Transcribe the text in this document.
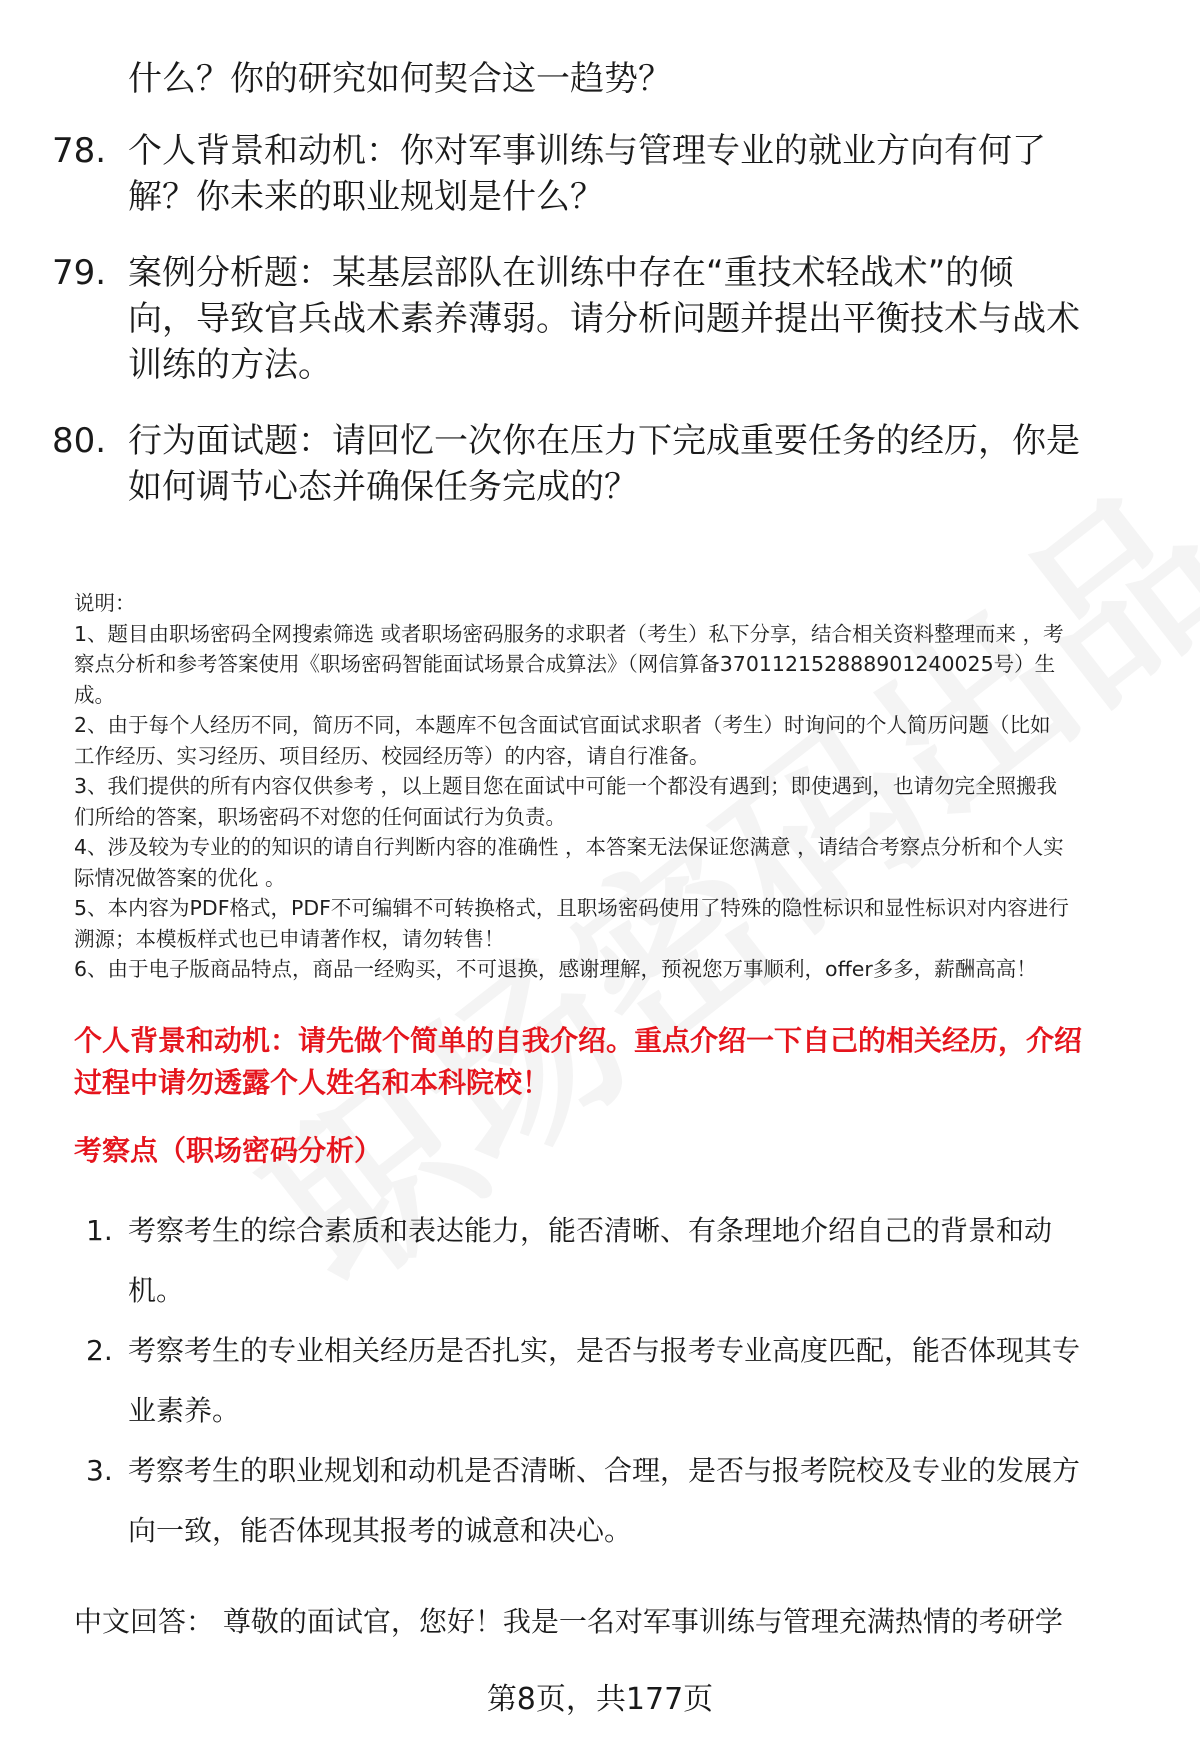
什么？你的研究如何契合这一趋势？
78. 个人背景和动机：你对军事训练与管理专业的就业方向有何了
解？你未来的职业规划是什么？
79. 案例分析题：某基层部队在训练中存在“重技术轻战术”的倾
向，导致官兵战术素养薄弱。请分析问题并提出平衡技术与战术
训练的方法。
80. 行为面试题：请回忆一次你在压力下完成重要任务的经历，你是
如何调节心态并确保任务完成的？
说明：
1、题目由职场密码全网搜索筛选 或者职场密码服务的求职者（考生）私下分享，结合相关资料整理而来 ，考
察点分析和参考答案使用《职场密码智能面试场景合成算法》（网信算备370112152888901240025号）生
成。
2、由于每个人经历不同，简历不同，本题库不包含面试官面试求职者（考生）时询问的个人简历问题（比如
工作经历、实习经历、项目经历、校园经历等）的内容，请自行准备。
3、我们提供的所有内容仅供参考 ，以上题目您在面试中可能一个都没有遇到；即使遇到，也请勿完全照搬我
们所给的答案，职场密码不对您的任何面试行为负责。
4、涉及较为专业的的知识的请自行判断内容的准确性 ，本答案无法保证您满意 ，请结合考察点分析和个人实
际情况做答案的优化 。
5、本内容为PDF格式，PDF不可编辑不可转换格式，且职场密码使用了特殊的隐性标识和显性标识对内容进行
溯源；本模板样式也已申请著作权，请勿转售！
6、由于电子版商品特点，商品一经购买，不可退换，感谢理解，预祝您万事顺利，offer多多，薪酬高高！
个人背景和动机：请先做个简单的自我介绍。重点介绍一下自己的相关经历，介绍
过程中请勿透露个人姓名和本科院校！
考察点（职场密码分析）
1. 考察考生的综合素质和表达能力，能否清晰、有条理地介绍自己的背景和动
机。
2. 考察考生的专业相关经历是否扎实，是否与报考专业高度匹配，能否体现其专
业素养。
3. 考察考生的职业规划和动机是否清晰、合理，是否与报考院校及专业的发展方
向一致，能否体现其报考的诚意和决心。
中文回答： 尊敬的面试官，您好！我是一名对军事训练与管理充满热情的考研学
第8页，共177页
